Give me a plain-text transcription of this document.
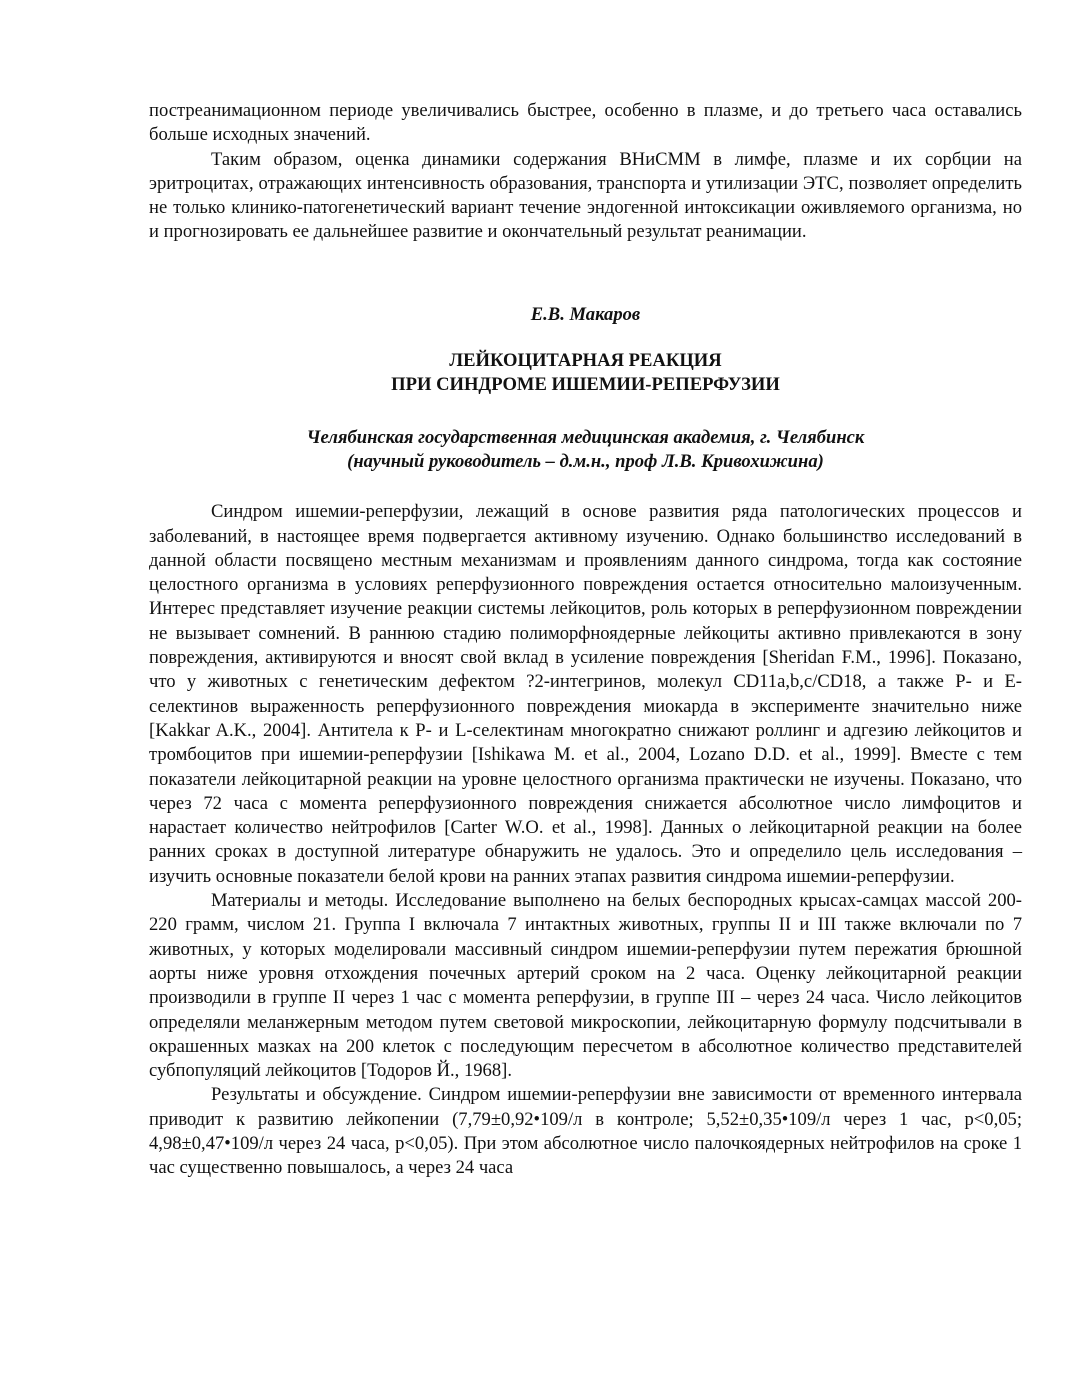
постреанимационном периоде увеличивались быстрее, особенно в плазме, и до третьего часа оставались больше исходных значений.

Таким образом, оценка динамики содержания ВНиСММ в лимфе, плазме и их сорбции на эритроцитах, отражающих интенсивность образования, транспорта и утилизации ЭТС, позволяет определить не только клинико-патогенетический вариант течение эндогенной интоксикации оживляемого организма, но и прогнозировать ее дальнейшее развитие и окончательный результат реанимации.

Е.В. Макаров

ЛЕЙКОЦИТАРНАЯ РЕАКЦИЯ
ПРИ СИНДРОМЕ ИШЕМИИ-РЕПЕРФУЗИИ
Челябинская государственная медицинская академия, г. Челябинск
(научный руководитель – д.м.н., проф Л.В. Кривохижина)

Синдром ишемии-реперфузии, лежащий в основе развития ряда патологических процессов и заболеваний, в настоящее время подвергается активному изучению. Однако большинство исследований в данной области посвящено местным механизмам и проявлениям данного синдрома, тогда как состояние целостного организма в условиях реперфузионного повреждения остается относительно малоизученным. Интерес представляет изучение реакции системы лейкоцитов, роль которых в реперфузионном повреждении не вызывает сомнений. В раннюю стадию полиморфноядерные лейкоциты активно привлекаются в зону повреждения, активируются и вносят свой вклад в усиление повреждения [Sheridan F.M., 1996]. Показано, что у животных с генетическим дефектом ?2-интегринов, молекул CD11a,b,c/CD18, а также P- и E-селектинов выраженность реперфузионного повреждения миокарда в эксперименте значительно ниже [Kakkar A.K., 2004]. Антитела к P- и L-селектинам многократно снижают роллинг и адгезию лейкоцитов и тромбоцитов при ишемии-реперфузии [Ishikawa M. et al., 2004, Lozano D.D. et al., 1999]. Вместе с тем показатели лейкоцитарной реакции на уровне целостного организма практически не изучены. Показано, что через 72 часа с момента реперфузионного повреждения снижается абсолютное число лимфоцитов и нарастает количество нейтрофилов [Carter W.O. et al., 1998]. Данных о лейкоцитарной реакции на более ранних сроках в доступной литературе обнаружить не удалось. Это и определило цель исследования – изучить основные показатели белой крови на ранних этапах развития синдрома ишемии-реперфузии.

Материалы и методы. Исследование выполнено на белых беспородных крысах-самцах массой 200-220 грамм, числом 21. Группа I включала 7 интактных животных, группы II и III также включали по 7 животных, у которых моделировали массивный синдром ишемии-реперфузии путем пережатия брюшной аорты ниже уровня отхождения почечных артерий сроком на 2 часа. Оценку лейкоцитарной реакции производили в группе II через 1 час с момента реперфузии, в группе III – через 24 часа. Число лейкоцитов определяли меланжерным методом путем световой микроскопии, лейкоцитарную формулу подсчитывали в окрашенных мазках на 200 клеток с последующим пересчетом в абсолютное количество представителей субпопуляций лейкоцитов [Тодоров Й., 1968].

Результаты и обсуждение. Синдром ишемии-реперфузии вне зависимости от временного интервала приводит к развитию лейкопении (7,79±0,92•109/л в контроле; 5,52±0,35•109/л через 1 час, p<0,05; 4,98±0,47•109/л через 24 часа, p<0,05). При этом абсолютное число палочкоядерных нейтрофилов на сроке 1 час существенно повышалось, а через 24 часа
